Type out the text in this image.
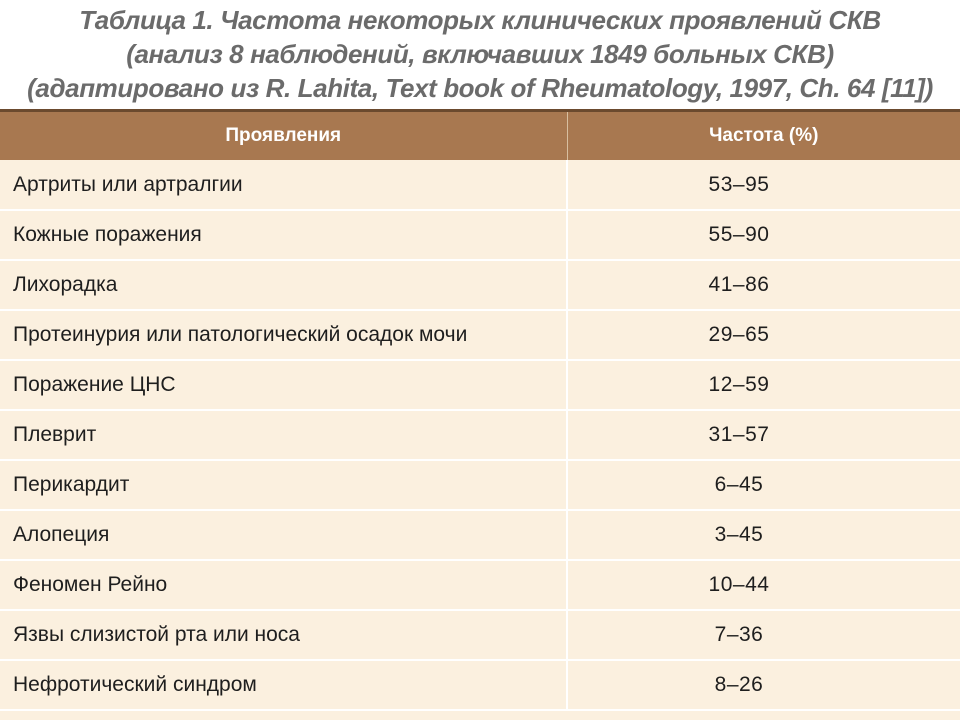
Таблица 1. Частота некоторых клинических проявлений СКВ
(анализ 8 наблюдений, включавших 1849 больных СКВ)
(адаптировано из R. Lahita, Text book of Rheumatology, 1997, Ch. 64 [11])
Проявления	Частота (%)
Артриты или артралгии	53–95
Кожные поражения	55–90
Лихорадка	41–86
Протеинурия или патологический осадок мочи	29–65
Поражение ЦНС	12–59
Плеврит	31–57
Перикардит	6–45
Алопеция	3–45
Феномен Рейно	10–44
Язвы слизистой рта или носа	7–36
Нефротический синдром	8–26
